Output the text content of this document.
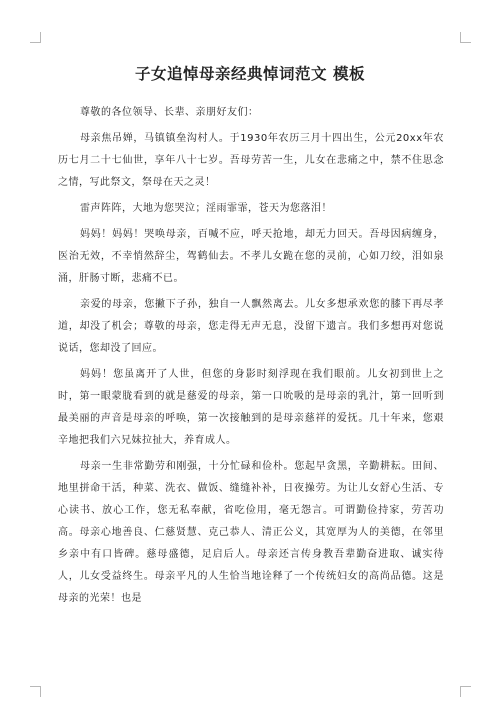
子女追悼母亲经典悼词范文 模板

尊敬的各位领导、长辈、亲朋好友们：

母亲焦吊婵，马镇镇垒沟村人。于1930年农历三月十四出生，公元20xx年农历七月二十七仙世，享年八十七岁。吾母劳苦一生，儿女在悲痛之中，禁不住思念之情，写此祭文，祭母在天之灵！

雷声阵阵，大地为您哭泣；淫雨霏霏，苍天为您落泪！

妈妈！妈妈！哭唤母亲，百喊不应，呼天抢地，却无力回天。吾母因病缠身，医治无效，不幸悄然辞尘，驾鹤仙去。不孝儿女跪在您的灵前，心如刀绞，泪如泉涌，肝肠寸断，悲痛不已。

亲爱的母亲，您撇下子孙，独自一人飘然离去。儿女多想承欢您的膝下再尽孝道，却没了机会；尊敬的母亲，您走得无声无息，没留下遗言。我们多想再对您说说话，您却没了回应。

妈妈！您虽离开了人世，但您的身影时刻浮现在我们眼前。儿女初到世上之时，第一眼蒙胧看到的就是慈爱的母亲，第一口吮吸的是母亲的乳汁，第一回听到最美丽的声音是母亲的呼唤，第一次接触到的是母亲慈祥的爱抚。几十年来，您艰辛地把我们六兄妹拉扯大，养育成人。

母亲一生非常勤劳和刚强，十分忙碌和俭朴。您起早贪黑，辛勤耕耘。田间、地里拼命干活，种菜、洗衣、做饭、缝缝补补，日夜操劳。为让儿女舒心生活、专心读书、放心工作，您无私奉献，省吃俭用，毫无怨言。可谓勤俭持家，劳苦功高。母亲心地善良、仁慈贤慧、克己恭人、清正公义，其宽厚为人的美德，在邻里乡亲中有口皆碑。慈母盛德，足启后人。母亲还言传身教吾辈勤奋进取、诚实待人，儿女受益终生。母亲平凡的人生恰当地诠释了一个传统妇女的高尚品德。这是母亲的光荣！也是
